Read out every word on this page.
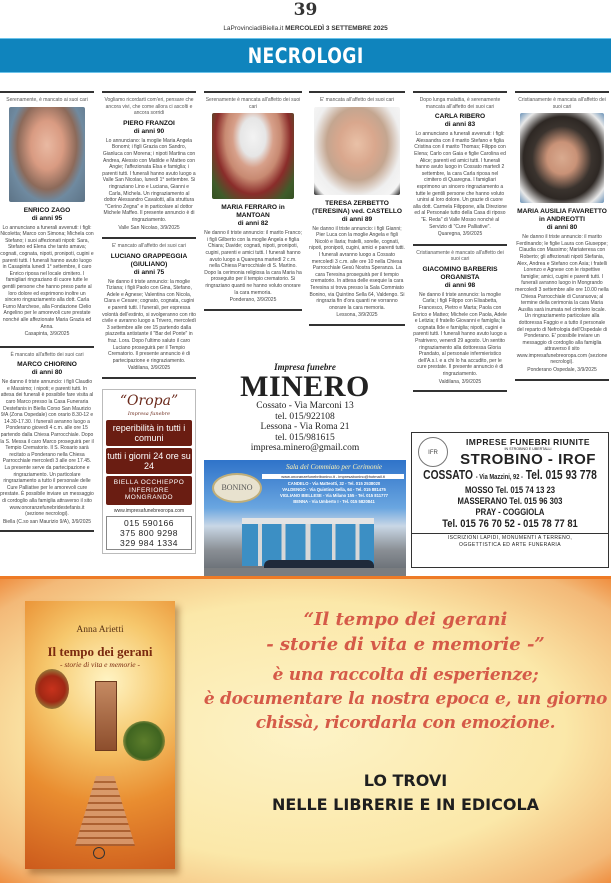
39
LaProvinciadiBiella.it MERCOLEDÌ 3 SETTEMBRE 2025
NECROLOGI
Serenamente, è mancato ai suoi cari
ENRICO ZAGO
di anni 95
Lo annunciano a funerali avvenuti: i figli: Nicoletta; Marco con Simona; Michela con Stefano; i suoi affezionati nipoti: Sara, Stefano ed Elena che tanto amava; cognati, cognata, nipoti, pronipoti, cugini e parenti tutti. I funerali hanno avuto luogo in Casapinta lunedì 1° settembre, il caro Enrico riposa nel locale cimitero. I famigliari ringraziano di cuore tutte le gentili persone che hanno preso parte al loro dolore ed esprimono inoltre un sincero ringraziamento alla dott. Carla Furno Marchese, alla Fondazione Clelio Angelino per le amorevoli cure prestate nonché alle affezionate Maria Grazia ed Anna.
Casapinta, 3/9/2025
È mancato all'affetto dei suoi cari
MARCO CHIORINO
di anni 80
Ne danno il triste annuncio: i figli Claudio e Massimo; i nipoti; e parenti tutti. In attesa dei funerali è possibile fare visita al caro Marco presso la Casa Funeraria Destefanis in Biella Corso San Maurizio 9/A (Zona Ospedale) con orario 8.30-12 e 14.30-17.30. I funerali avranno luogo a Ponderano giovedì 4 c.m. alle ore 15 partendo dalla Chiesa Parrocchiale. Dopo la S. Messa il caro Marco proseguirà per il Tempio Crematorio. Il S. Rosario sarà recitato a Ponderano nella Chiesa Parrocchiale mercoledì 3 alle ore 17.45. La presente serve da partecipazione e ringraziamento. Un particolare ringraziamento a tutto il personale delle Cure Palliative per le amorevoli cure prestate. È possibile inviare un messaggio di cordoglio alla famiglia attraverso il sito www.onoranzefunebridestefanis.it (sezione necrologi).
Biella (C.so san Maurizio 9/A), 3/9/2025
Vogliamo ricordarti com'eri, pensare che ancora vivi, che come allora ci ascolti e ancora sorridi
PIERO FRANZOI
di anni 90
Lo annunciano: la moglie Maria Angela Bonomi; i figli Grazia con Sandro, Gianluca con Morena; i nipoti Martina con Andrea, Alessio con Matilde e Matteo con Angie; l'affezionata Elsa e famiglia; i parenti tutti. I funerali hanno avuto luogo a Valle San Nicolao, lunedì 1° settembre. Si ringraziano Lino e Luciana, Gianni e Carla, Michela. Un ringraziamento al dottor Alessandro Cavalotti, alla struttura "Cerino Zegna" e in particolare al dottor Michele Maffeo. Il presente annuncio è di ringraziamento.
Valle San Nicolao, 3/9/2025
E' mancato all'affetto dei suoi cari
LUCIANO GRAPPEGGIA (GIULIANO)
di anni 75
Ne danno il triste annuncio: la moglie Tiziana; i figli Paolo con Gina, Stefano, Adele e Agnese; Valentina con Nicola, Clara e Cesare; cognato, cognata, cugini e parenti tutti. I funerali, per espressa volontà dell'estinto, si svolgeranno con rito civile e avranno luogo a Trivero, mercoledì 3 settembre alle ore 15 partendo dalla piazzetta antistante il "Bar del Ponte" in fraz. Lora. Dopo l'ultimo saluto il caro Luciano proseguirà per il Tempio Crematorio. Il presente annuncio è di partecipazione e ringraziamento.
Valdilana, 3/9/2025
“Oropa”
Impresa funebre
reperibilità in tutti i comuni
tutti i giorni 24 ore su 24
BIELLA OCCHIEPPO INFERIORE MONGRANDO
www.impresafunebreoropa.com
015 590166
375 800 9298
329 984 1334
Serenamente è mancata all'affetto dei suoi cari
MARIA FERRARO in MANTOAN
di anni 82
Ne danno il triste annuncio: il marito Franco; i figli Gilberto con la moglie Angela e figlia Chiara; Davide; cognati, nipoti, pronipoti, cugini, parenti e amici tutti. I funerali hanno avuto luogo a Quaregna martedì 2 c.m. nella Chiesa Parrocchiale di S. Martino. Dopo la cerimonia religiosa la cara Maria ha proseguito per il tempio crematorio. Si ringraziano quanti ne hanno voluto onorare la cara memoria.
Ponderano, 3/9/2025
Impresa funebre
MINERO
Cossato - Via Marconi 13
tel. 015/922108
Lessona - Via Roma 21
tel. 015/981615
impresa.minero@gmail.com
BONINO
Sala del Commiato per Cerimonie
www.onoranzefunebribonino.it - impresabonino@hotmail.it
CANDELO - Via Matteotti, 32 - Tel. 015 2538020
VALDENGO - Via Quintino Sella, 64 - Tel. 015 881475
VIGLIANO BIELLESE - Via Milano 155 - Tel. 015 811777
BENNA - Via Umberto I - Tel. 015 5820841
E' mancata all'affetto dei suoi cari
TERESA ZERBETTO (TERESINA) ved. CASTELLO
di anni 89
Ne danno il triste annuncio: i figli Gianni; Pier Luca con la moglie Angela e figli Nicolò e Ilaria; fratelli, sorelle, cognati, nipoti, pronipoti, cugini, amici e parenti tutti. I funerali avranno luogo a Cossato mercoledì 3 c.m. alle ore 10 nella Chiesa Parrocchiale Gesù Nostra Speranza. La cara Teresina proseguirà per il tempio crematorio. In attesa delle esequie la cara Teresina si trova presso la Sala Commiato Bonino, via Quintino Sella 64, Valdengo. Si ringrazia fin d'ora quanti ne vorranno onorare la cara memoria.
Lessona, 3/9/2025
Dopo lunga malattia, è serenamente mancata all'affetto dei suoi cari
CARLA RIBERO
di anni 83
Lo annunciano a funerali avvenuti: i figli: Alessandra con il marito Stefano e figlia Cristina con il marito Thomas; Filippo con Elena; Carlo con Gaia e figlie Carolina ed Alice; parenti ed amici tutti. I funerali hanno avuto luogo in Cossato martedì 2 settembre, la cara Carla riposa nel cimitero di Quaregna. I famigliari esprimono un sincero ringraziamento a tutte le gentili persone che hanno voluto unirsi al loro dolore. Un grazie di cuore alla dott. Carmela Filippone, alla Direzione ed al Personale tutto della Casa di riposo "E. Reda" di Valle Mosso nonché al Servizio di "Cure Palliative".
Quaregna, 3/9/2025
Cristianamente è mancato all'affetto dei suoi cari
GIACOMINO BARBERIS ORGANISTA
di anni 98
Ne danno il triste annuncio: la moglie Carla; i figli Filippo con Elisabetta, Francesco, Pietro e Marta; Paola con Enrico e Matteo; Michele con Paola, Adele e Letizia; il fratello Giovanni e famiglia; la cognata Ilde e famiglia; nipoti, cugini e parenti tutti. I funerali hanno avuto luogo a Pratrivero, venerdì 29 agosto. Un sentito ringraziamento alla dottoressa Gloria Prandato, al personale infermieristico dell'A.s.l. e a chi lo ha accudito, per le cure prestate. Il presente annuncio è di ringraziamento.
Valdilana, 3/9/2025
Cristianamente è mancata all'affetto dei suoi cari
MARIA AUSILIA FAVARETTO in ANDREOTTI
di anni 80
Ne danno il triste annuncio: il marito Ferdinando; le figlie Laura con Giuseppe; Claudia con Massimo; Mariateresa con Roberto; gli affezionati nipoti Stefania, Alex, Andrea e Stefano con Asia; i fratelli Lorenzo e Agnese con le rispettive famiglie; amici, cugini e parenti tutti. I funerali avranno luogo in Mongrando mercoledì 3 settembre alle ore 10.00 nella Chiesa Parrocchiale di Curanuova; al termine della cerimonia la cara Maria Ausilia sarà inumata nel cimitero locale. Un ringraziamento particolare alla dottoressa Faggio e a tutto il personale del reparto di Nefrologia dell'Ospedale di Ponderano. E' possibile inviare un messaggio di cordoglio alla famiglia attraverso il sito www.impresafunebreoropa.com (sezione necrologi).
Ponderano Ospedale, 3/9/2025
IFR
IMPRESE FUNEBRI RIUNITE
IN STROBINO E UBERTALLI
STROBINO - IROF
COSSATO - Via Mazzini, 92 - Tel. 015 93 778
MOSSO Tel. 015 74 13 23
MASSERANO Tel. 015 96 303
PRAY - COGGIOLA
Tel. 015 76 70 52 - 015 78 77 81
ISCRIZIONI LAPIDI, MONUMENTI A TERRENO,
OGGETTISTICA ED ARTE FUNERARIA
Anna Arietti
Il tempo dei gerani
- storie di vita e memorie -
“Il tempo dei gerani
- storie di vita e memorie -”
è una raccolta di esperienze;
è documentare la nostra epoca e, un giorno
chissà, ricordarla con emozione.
LO TROVI
NELLE LIBRERIE E IN EDICOLA
